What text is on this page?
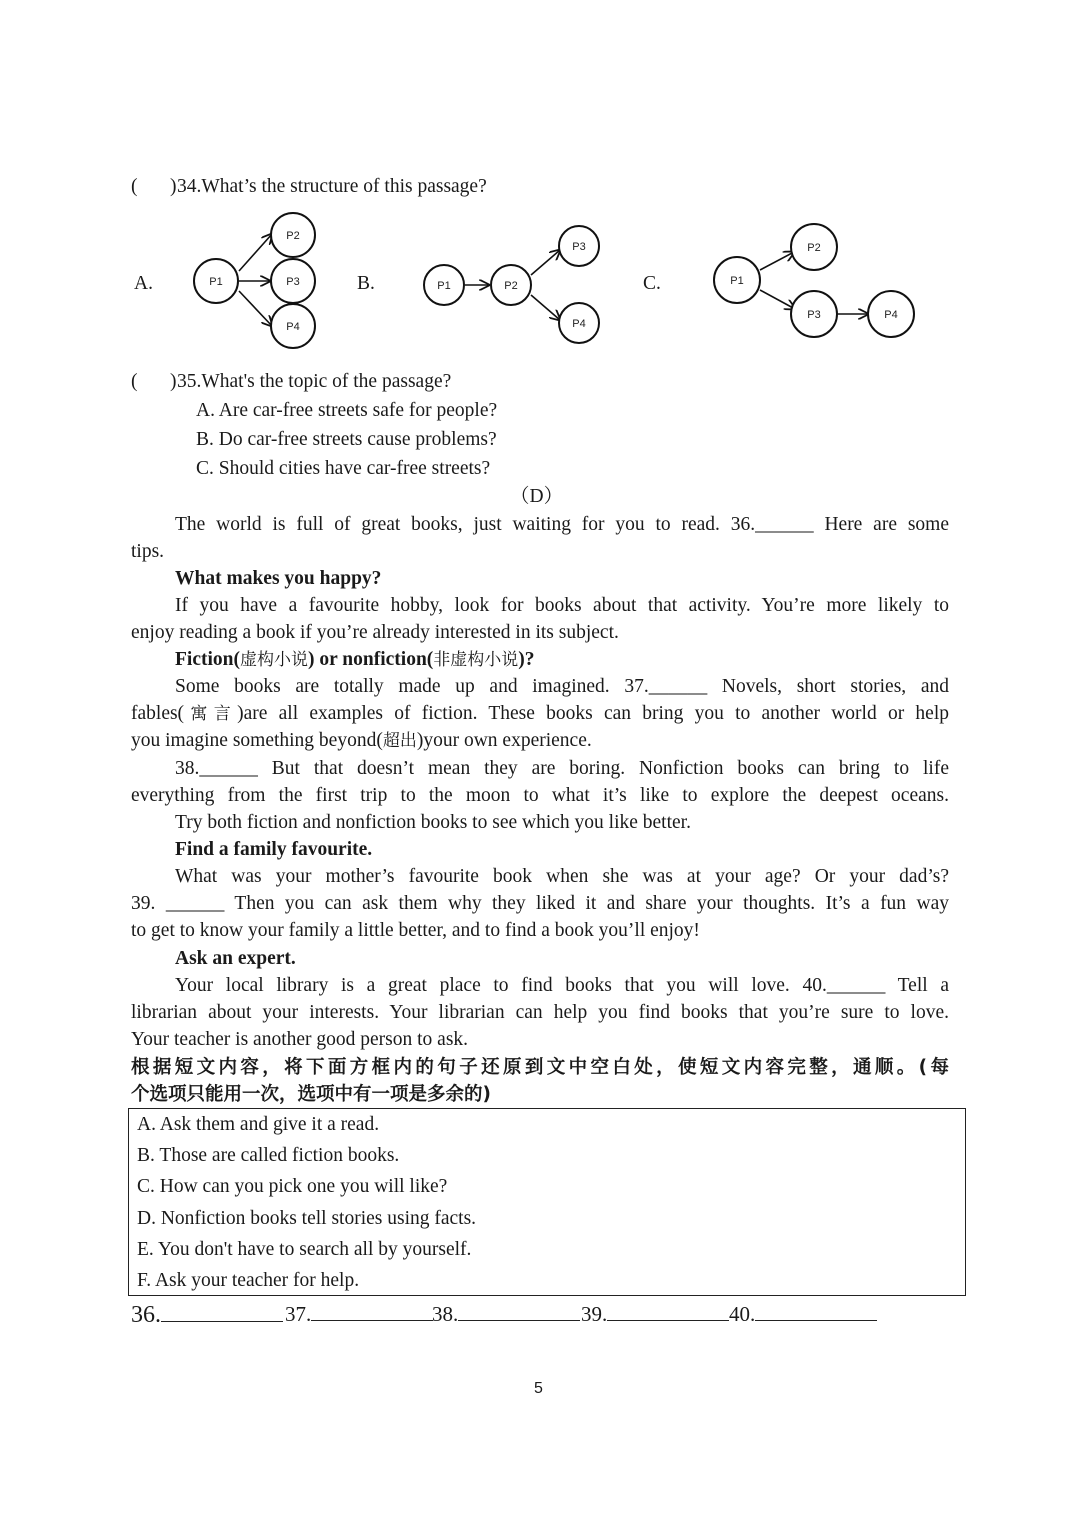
( ) 34.What’s the structure of this passage?
A.	B.	C.
P1
P2
P3
P4
P1	P2
P3
P4
P1
P2
P3	P4
( ) 35.What's the topic of the passage?
A. Are car-free streets safe for people?
B. Do car-free streets cause problems?
C. Should cities have car-free streets?
（D）
The world is full of great books, just waiting for you to read. 36.______ Here are some
tips.
What makes you happy?
If you have a favourite hobby, look for books about that activity. You’re more likely to
enjoy reading a book if you’re already interested in its subject.
Fiction(虚构小说) or nonfiction(非虚构小说)?
Some books are totally made up and imagined. 37.______ Novels, short stories, and
fables(寓言)are all examples of fiction. These books can bring you to another world or help
you imagine something beyond(超出)your own experience.
38.______ But that doesn’t mean they are boring. Nonfiction books can bring to life
everything from the first trip to the moon to what it’s like to explore the deepest oceans.
Try both fiction and nonfiction books to see which you like better.
Find a family favourite.
What was your mother’s favourite book when she was at your age? Or your dad’s?
39. ______ Then you can ask them why they liked it and share your thoughts. It’s a fun way
to get to know your family a little better, and to find a book you’ll enjoy!
Ask an expert.
Your local library is a great place to find books that you will love. 40.______ Tell a
librarian about your interests. Your librarian can help you find books that you’re sure to love.
Your teacher is another good person to ask.
根据短文内容，将下面方框内的句子还原到文中空白处，使短文内容完整，通顺。(每
个选项只能用一次，选项中有一项是多余的)
A. Ask them and give it a read.
B. Those are called fiction books.
C. How can you pick one you will like?
D. Nonfiction books tell stories using facts.
E. You don't have to search all by yourself.
F. Ask your teacher for help.
36.	37.	38.	39.	40.
5
